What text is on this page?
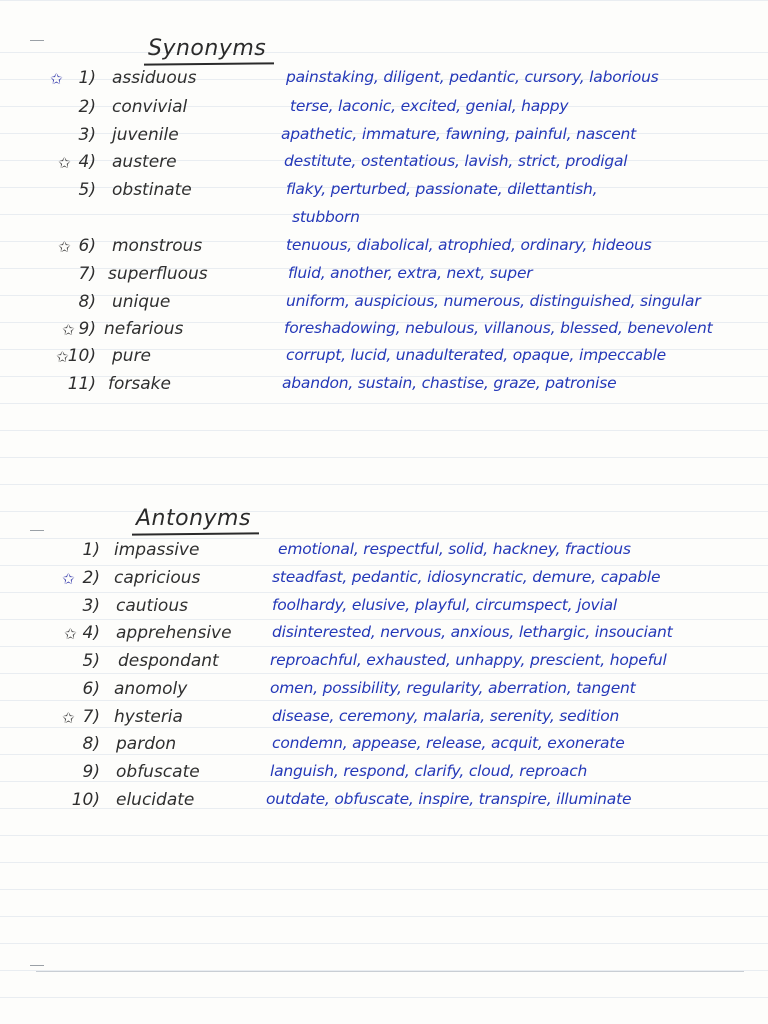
Synonyms
✩ 1) assiduous	painstaking, diligent, pedantic, cursory, laborious
2) convivial	terse, laconic, excited, genial, happy
3) juvenile	apathetic, immature, fawning, painful, nascent
✩ 4) austere	destitute, ostentatious, lavish, strict, prodigal
5) obstinate	flaky, perturbed, passionate, dilettantish,
stubborn
✩ 6) monstrous	tenuous, diabolical, atrophied, ordinary, hideous
7) superfluous	fluid, another, extra, next, super
8) unique	uniform, auspicious, numerous, distinguished, singular
✩ 9) nefarious	foreshadowing, nebulous, villanous, blessed, benevolent
✩ 10) pure	corrupt, lucid, unadulterated, opaque, impeccable
11) forsake	abandon, sustain, chastise, graze, patronise
Antonyms
1) impassive	emotional, respectful, solid, hackney, fractious
✩ 2) capricious	steadfast, pedantic, idiosyncratic, demure, capable
3) cautious	foolhardy, elusive, playful, circumspect, jovial
✩ 4) apprehensive	disinterested, nervous, anxious, lethargic, insouciant
5) despondant	reproachful, exhausted, unhappy, prescient, hopeful
6) anomoly	omen, possibility, regularity, aberration, tangent
✩ 7) hysteria	disease, ceremony, malaria, serenity, sedition
8) pardon	condemn, appease, release, acquit, exonerate
9) obfuscate	languish, respond, clarify, cloud, reproach
10) elucidate	outdate, obfuscate, inspire, transpire, illuminate
